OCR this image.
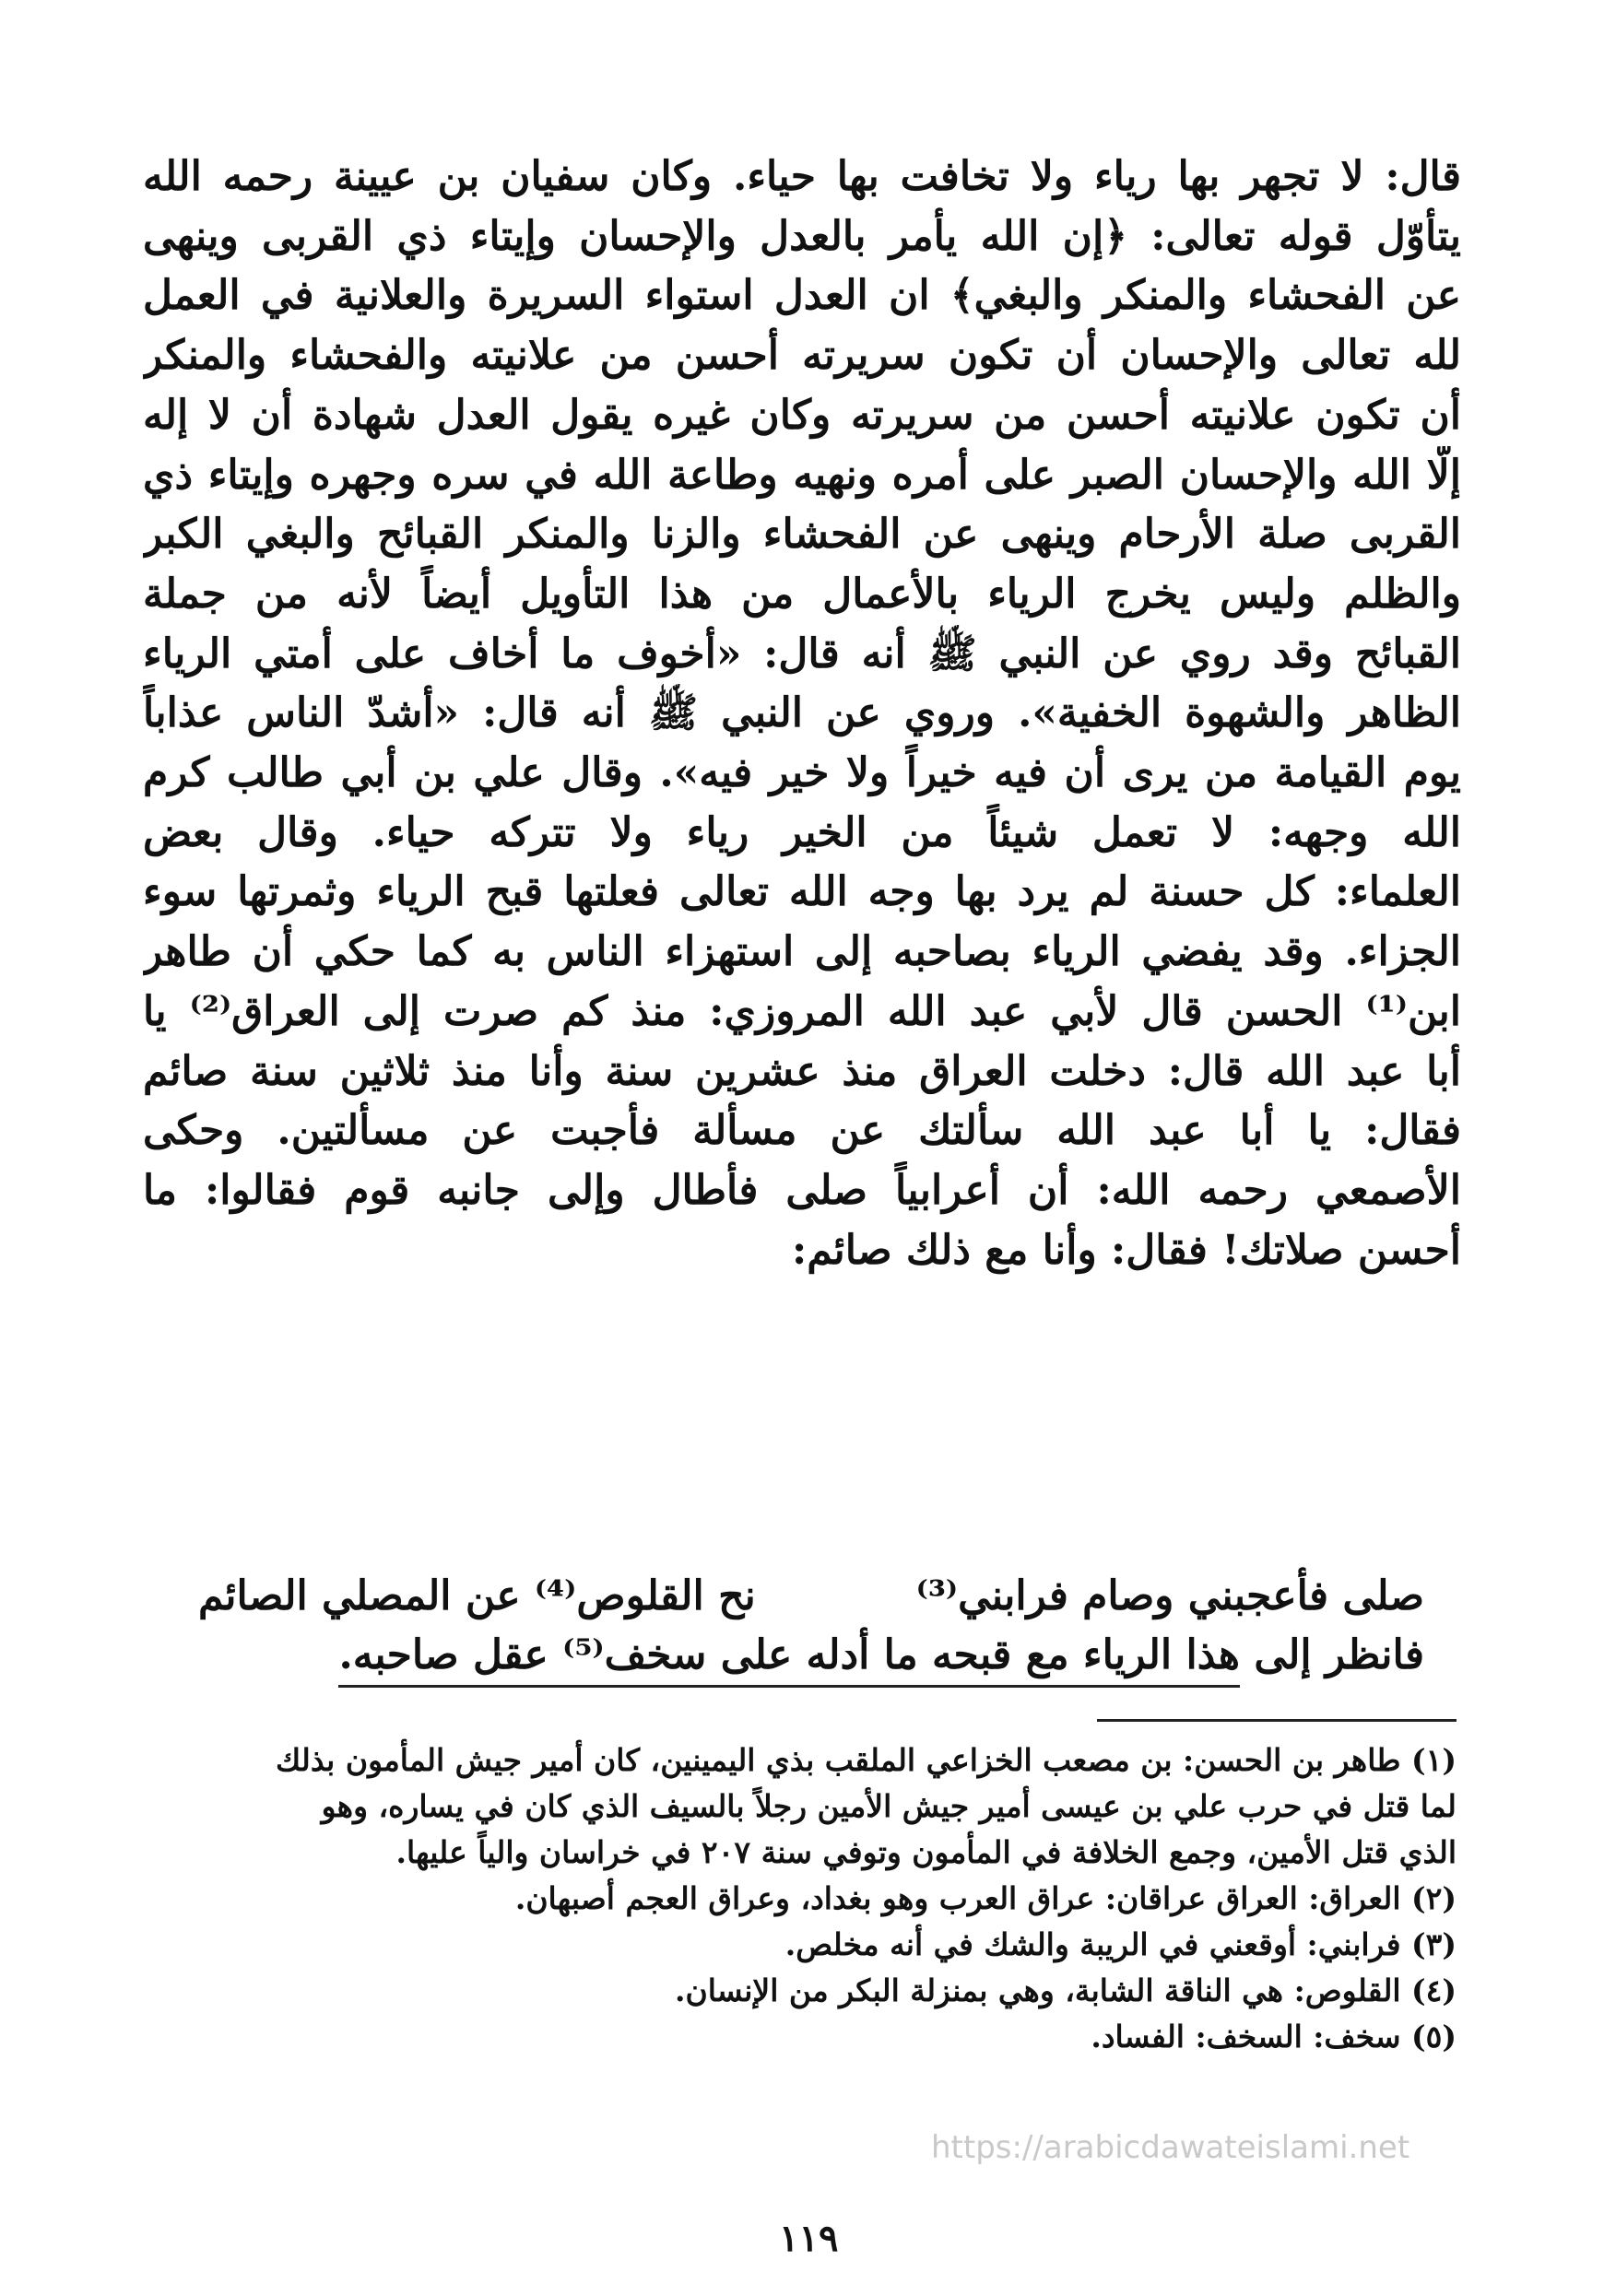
قال: لا تجهر بها رياء ولا تخافت بها حياء. وكان سفيان بن عيينة رحمه الله
يتأوّل قوله تعالى: ﴿إن الله يأمر بالعدل والإحسان وإيتاء ذي القربى وينهى
عن الفحشاء والمنكر والبغي﴾ ان العدل استواء السريرة والعلانية في العمل
لله تعالى والإحسان أن تكون سريرته أحسن من علانيته والفحشاء والمنكر
أن تكون علانيته أحسن من سريرته وكان غيره يقول العدل شهادة أن لا إله
إلّا الله والإحسان الصبر على أمره ونهيه وطاعة الله في سره وجهره وإيتاء ذي
القربى صلة الأرحام وينهى عن الفحشاء والزنا والمنكر القبائح والبغي الكبر
والظلم وليس يخرج الرياء بالأعمال من هذا التأويل أيضاً لأنه من جملة
القبائح وقد روي عن النبي ﷺ أنه قال: «أخوف ما أخاف على أمتي الرياء
الظاهر والشهوة الخفية». وروي عن النبي ﷺ أنه قال: «أشدّ الناس عذاباً
يوم القيامة من يرى أن فيه خيراً ولا خير فيه». وقال علي بن أبي طالب كرم
الله وجهه: لا تعمل شيئاً من الخير رياء ولا تتركه حياء. وقال بعض
العلماء: كل حسنة لم يرد بها وجه الله تعالى فعلتها قبح الرياء وثمرتها سوء
الجزاء. وقد يفضي الرياء بصاحبه إلى استهزاء الناس به كما حكي أن طاهر
ابن⁽¹⁾ الحسن قال لأبي عبد الله المروزي: منذ كم صرت إلى العراق⁽²⁾ يا
أبا عبد الله قال: دخلت العراق منذ عشرين سنة وأنا منذ ثلاثين سنة صائم
فقال: يا أبا عبد الله سألتك عن مسألة فأجبت عن مسألتين. وحكى
الأصمعي رحمه الله: أن أعرابياً صلى فأطال وإلى جانبه قوم فقالوا: ما
أحسن صلاتك! فقال: وأنا مع ذلك صائم:
صلى فأعجبني وصام فرابني⁽³⁾
نح القلوص⁽⁴⁾ عن المصلي الصائم
فانظر إلى

هذا الرياء مع قبحه ما أدله على سخف⁽⁵⁾ عقل صاحبه.
(١) طاهر بن الحسن: بن مصعب الخزاعي الملقب بذي اليمينين، كان أمير جيش المأمون بذلك
لما قتل في حرب علي بن عيسى أمير جيش الأمين رجلاً بالسيف الذي كان في يساره، وهو
الذي قتل الأمين، وجمع الخلافة في المأمون وتوفي سنة ٢٠٧ في خراسان والياً عليها.
(٢) العراق: العراق عراقان: عراق العرب وهو بغداد، وعراق العجم أصبهان.
(٣) فرابني: أوقعني في الريبة والشك في أنه مخلص.
(٤) القلوص: هي الناقة الشابة، وهي بمنزلة البكر من الإنسان.
(٥) سخف: السخف: الفساد.
https://arabicdawateislami.net
١١٩
